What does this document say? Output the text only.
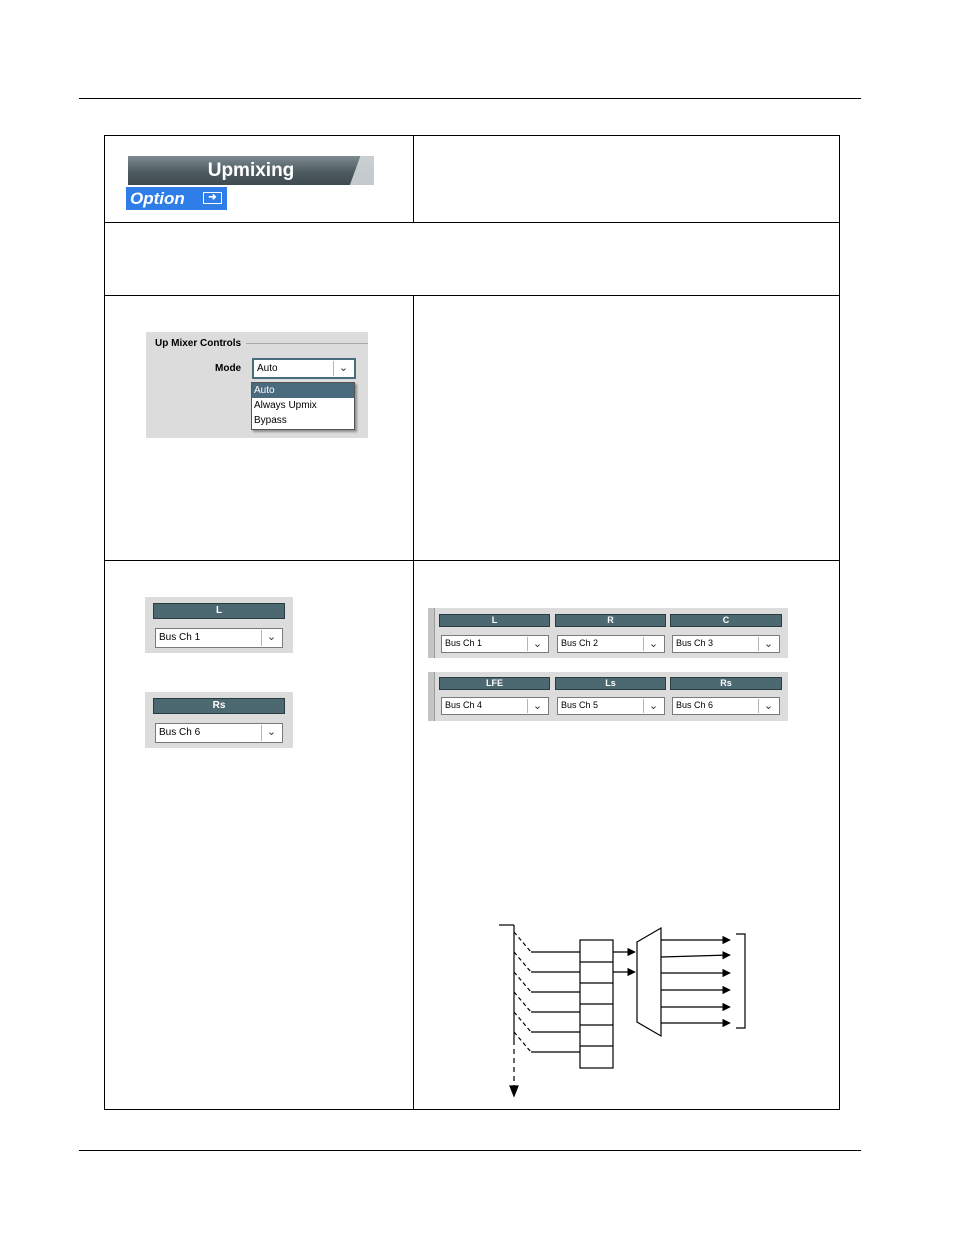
Upmixing
Option	➜
Up Mixer Controls
Mode Auto	⌄
Auto
Always Upmix
Bypass
L
Bus Ch 1	⌄
Rs
Bus Ch 6	⌄
L	R	C
Bus Ch 1	⌄	Bus Ch 2	⌄	Bus Ch 3	⌄
LFE	Ls	Rs
Bus Ch 4	⌄	Bus Ch 5	⌄	Bus Ch 6	⌄
